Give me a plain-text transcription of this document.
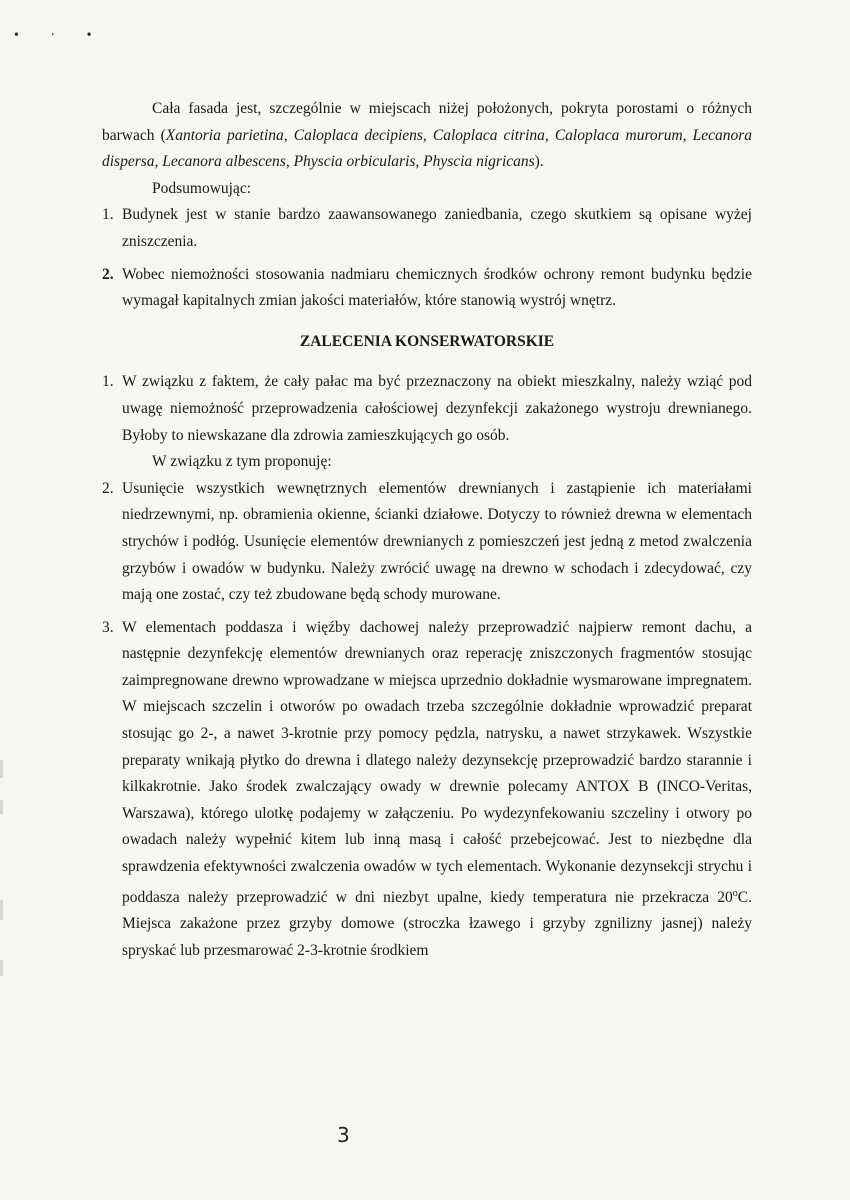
• · •

Cała fasada jest, szczególnie w miejscach niżej położonych, pokryta porostami o różnych barwach (Xantoria parietina, Caloplaca decipiens, Caloplaca citrina, Caloplaca murorum, Lecanora dispersa, Lecanora albescens, Physcia orbicularis, Physcia nigricans).

Podsumowując:

1. Budynek jest w stanie bardzo zaawansowanego zaniedbania, czego skutkiem są opisane wyżej zniszczenia.
2. Wobec niemożności stosowania nadmiaru chemicznych środków ochrony remont budynku będzie wymagał kapitalnych zmian jakości materiałów, które stanowią wystrój wnętrz.
ZALECENIA KONSERWATORSKIE
1. W związku z faktem, że cały pałac ma być przeznaczony na obiekt mieszkalny, należy wziąć pod uwagę niemożność przeprowadzenia całościowej dezynfekcji zakażonego wystroju drewnianego. Byłoby to niewskazane dla zdrowia zamieszkujących go osób.

W związku z tym proponuję:

2. Usunięcie wszystkich wewnętrznych elementów drewnianych i zastąpienie ich materiałami niedrzewnymi, np. obramienia okienne, ścianki działowe. Dotyczy to również drewna w elementach strychów i podłóg. Usunięcie elementów drewnianych z pomieszczeń jest jedną z metod zwalczenia grzybów i owadów w budynku. Należy zwrócić uwagę na drewno w schodach i zdecydować, czy mają one zostać, czy też zbudowane będą schody murowane.
3. W elementach poddasza i więźby dachowej należy przeprowadzić najpierw remont dachu, a następnie dezynfekcję elementów drewnianych oraz reperację zniszczonych fragmentów stosując zaimpregnowane drewno wprowadzane w miejsca uprzednio dokładnie wysmarowane impregnatem. W miejscach szczelin i otworów po owadach trzeba szczególnie dokładnie wprowadzić preparat stosując go 2-, a nawet 3-krotnie przy pomocy pędzla, natrysku, a nawet strzykawek. Wszystkie preparaty wnikają płytko do drewna i dlatego należy dezynsekcję przeprowadzić bardzo starannie i kilkakrotnie. Jako środek zwalczający owady w drewnie polecamy ANTOX B (INCO-Veritas, Warszawa), którego ulotkę podajemy w załączeniu. Po wydezynfekowaniu szczeliny i otwory po owadach należy wypełnić kitem lub inną masą i całość przebejcować. Jest to niezbędne dla sprawdzenia efektywności zwalczenia owadów w tych elementach. Wykonanie dezynsekcji strychu i poddasza należy przeprowadzić w dni niezbyt upalne, kiedy temperatura nie przekracza 20$^o$C. Miejsca zakażone przez grzyby domowe (stroczka łzawego i grzyby zgnilizny jasnej) należy spryskać lub przesmarować 2-3-krotnie środkiem
3
